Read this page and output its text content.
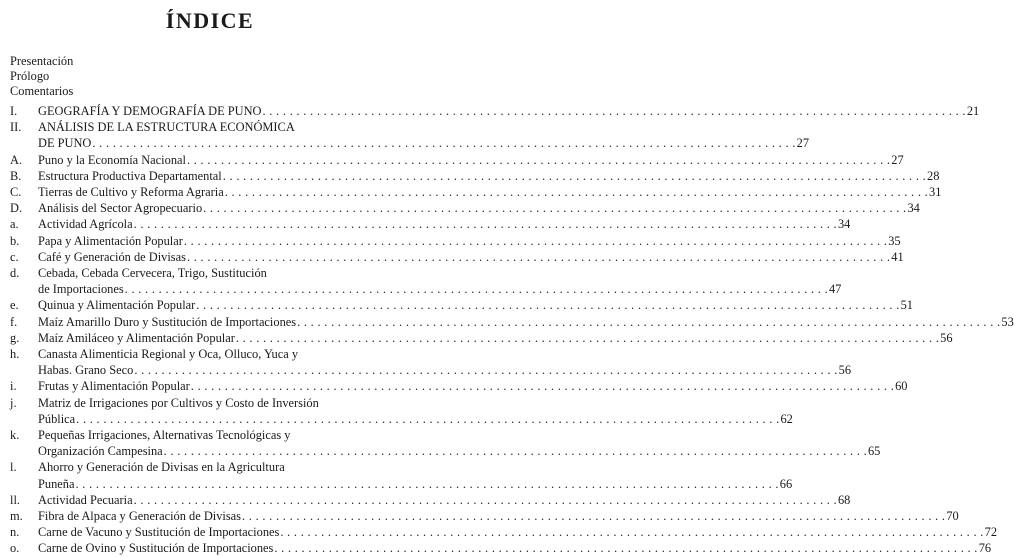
ÍNDICE
Presentación
Prólogo
Comentarios
I.	GEOGRAFÍA Y DEMOGRAFÍA DE PUNO . . .	21
II.	ANÁLISIS DE LA ESTRUCTURA ECONÓMICA
DE PUNO . . .	27
A.	Puno y la Economía Nacional . . .	27
B.	Estructura Productiva Departamental . . .	28
C.	Tierras de Cultivo y Reforma Agraria . . .	31
D.	Análisis del Sector Agropecuario . . .	34
a.	Actividad Agrícola . . .	34
b.	Papa y Alimentación Popular . . .	35
c.	Café y Generación de Divisas . . .	41
d.	Cebada, Cebada Cervecera, Trigo, Sustitución
de Importaciones . . .	47
e.	Quinua y Alimentación Popular . . .	51
f.	Maíz Amarillo Duro y Sustitución de Importaciones . . .	53
g.	Maíz Amiláceo y Alimentación Popular . . .	56
h.	Canasta Alimenticia Regional y Oca, Olluco, Yuca y
Habas. Grano Seco . . .	56
i.	Frutas y Alimentación Popular . . .	60
j.	Matriz de Irrigaciones por Cultivos y Costo de Inversión
Pública . . .	62
k.	Pequeñas Irrigaciones, Alternativas Tecnológicas y
Organización Campesina . . .	65
l.	Ahorro y Generación de Divisas en la Agricultura
Puneña . . .	66
ll.	Actividad Pecuaria . . .	68
m.	Fibra de Alpaca y Generación de Divisas . . .	70
n.	Carne de Vacuno y Sustitución de Importaciones . . .	72
o.	Carne de Ovino y Sustitución de Importaciones . . .	76
